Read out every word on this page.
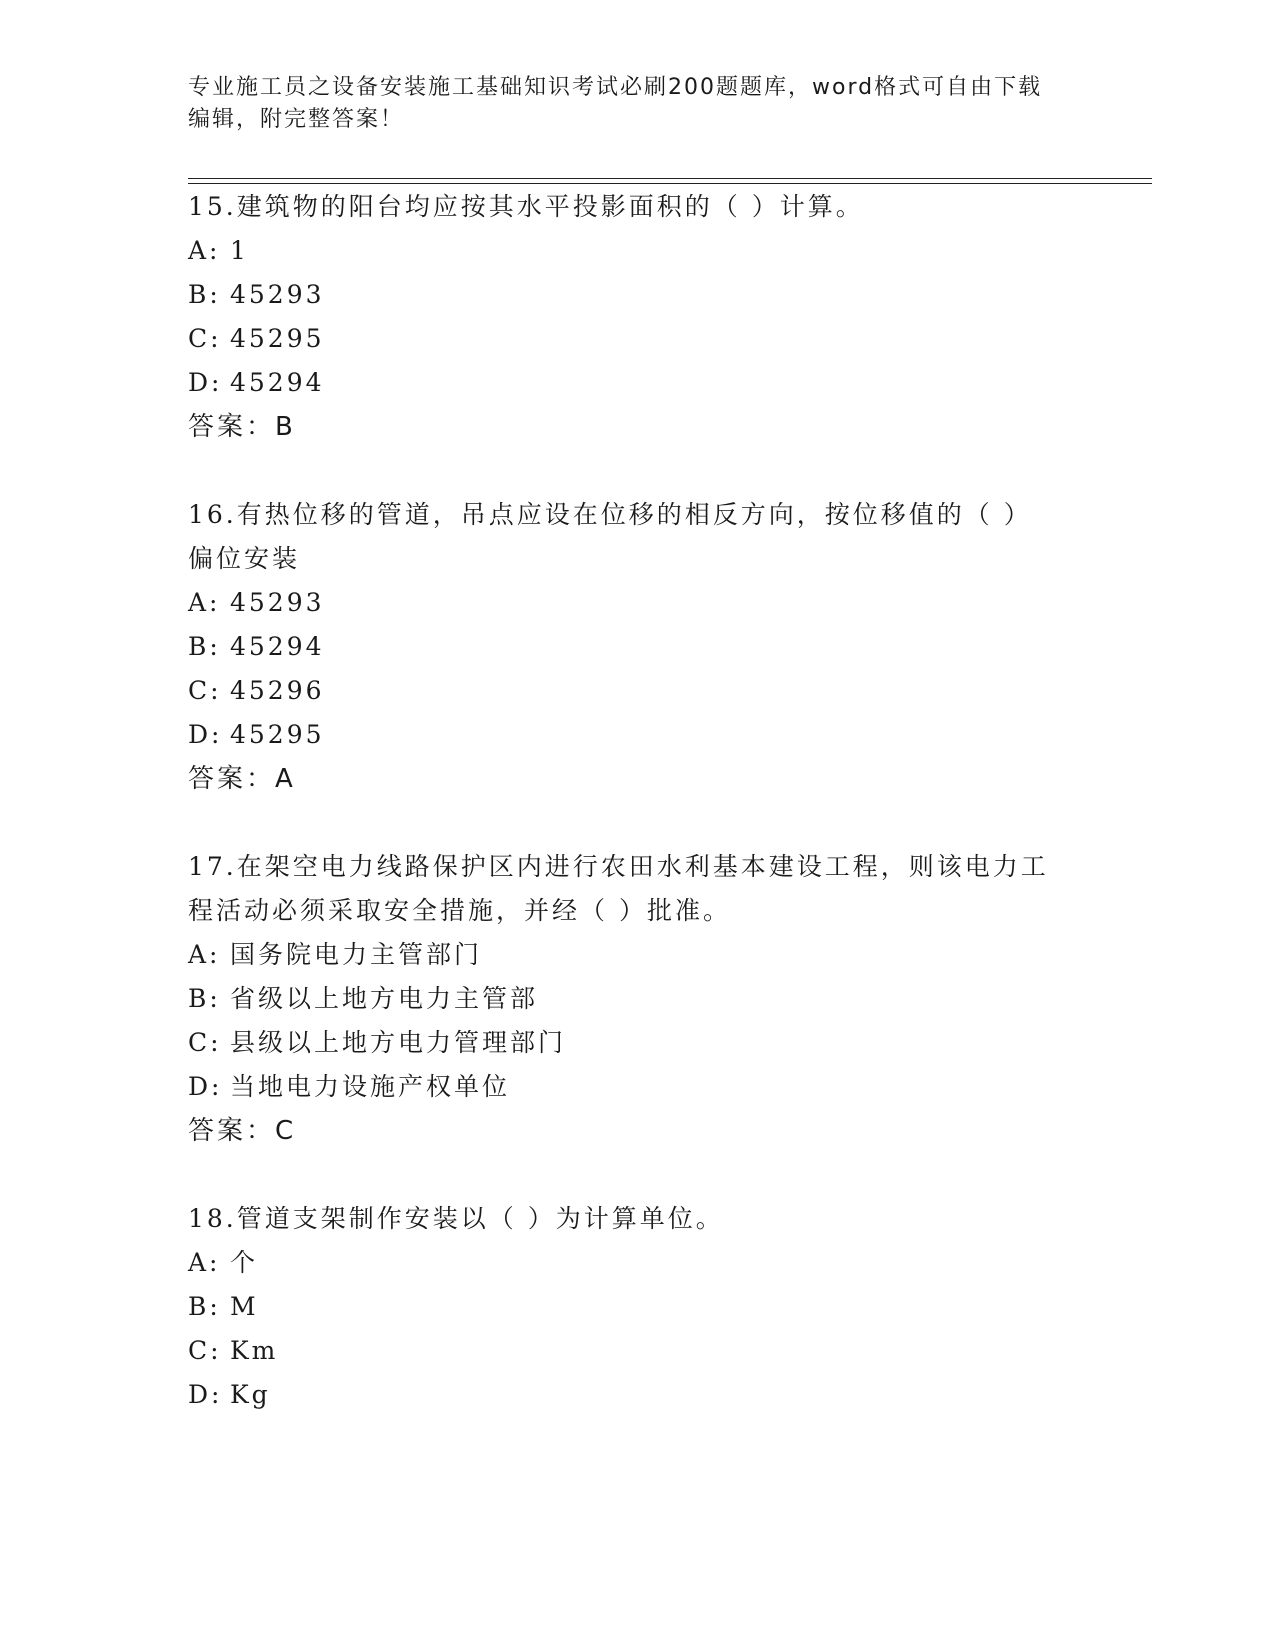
专业施工员之设备安装施工基础知识考试必刷200题题库，word格式可自由下载
编辑，附完整答案！
15.建筑物的阳台均应按其水平投影面积的（ ）计算。
A: 1
B: 45293
C: 45295
D: 45294
答案：B
16.有热位移的管道，吊点应设在位移的相反方向，按位移值的（ ）
偏位安装
A: 45293
B: 45294
C: 45296
D: 45295
答案：A
17.在架空电力线路保护区内进行农田水利基本建设工程，则该电力工
程活动必须采取安全措施，并经（ ）批准。
A: 国务院电力主管部门
B: 省级以上地方电力主管部
C: 县级以上地方电力管理部门
D: 当地电力设施产权单位
答案：C
18.管道支架制作安装以（ ）为计算单位。
A: 个
B: M
C: Km
D: Kg
